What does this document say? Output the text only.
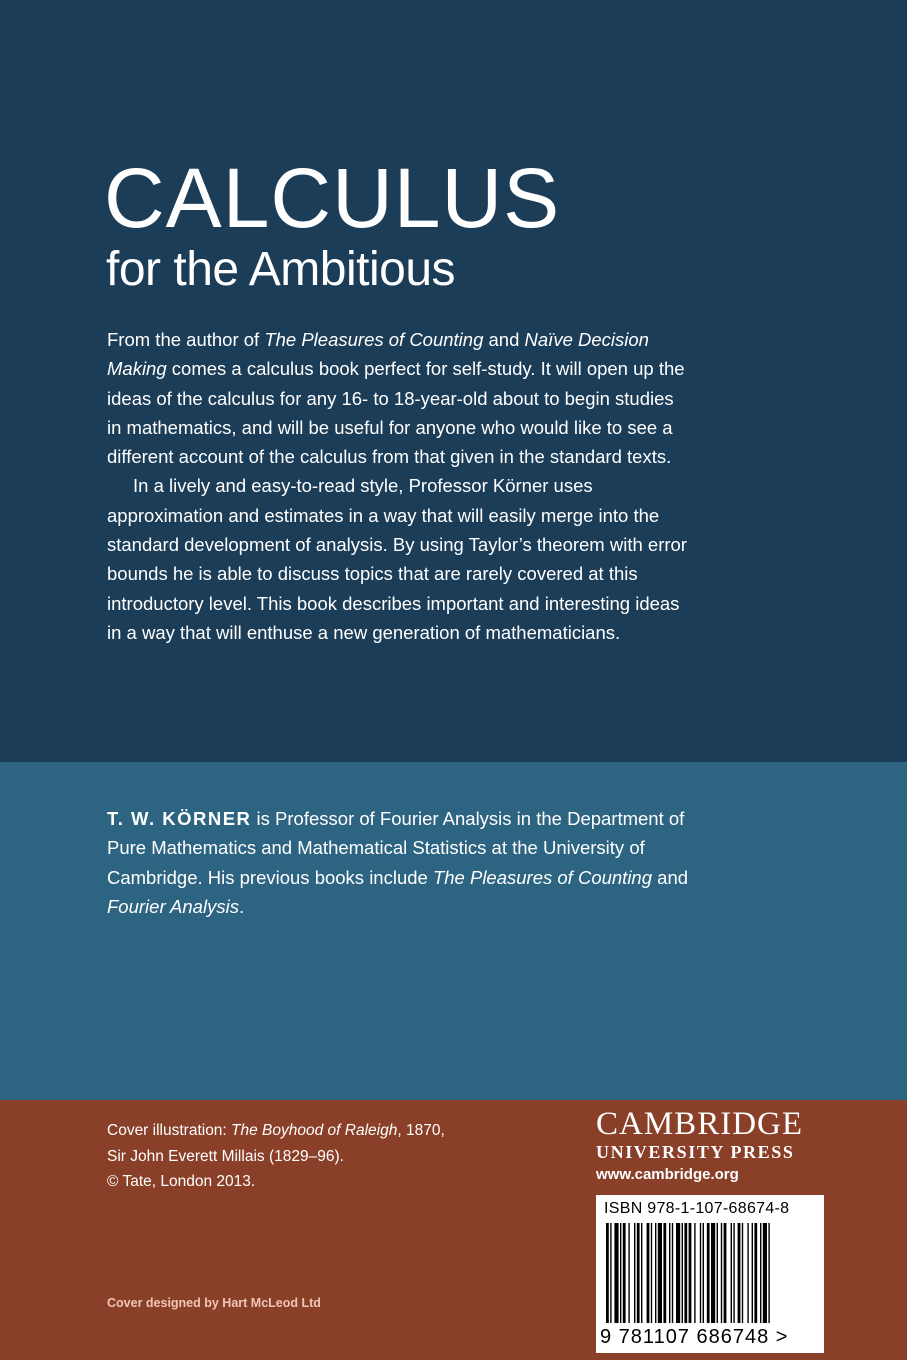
CALCULUS
for the Ambitious

From the author of The Pleasures of Counting and Naïve Decision Making comes a calculus book perfect for self-study. It will open up the ideas of the calculus for any 16- to 18-year-old about to begin studies in mathematics, and will be useful for anyone who would like to see a different account of the calculus from that given in the standard texts.

In a lively and easy-to-read style, Professor Körner uses approximation and estimates in a way that will easily merge into the standard development of analysis. By using Taylor’s theorem with error bounds he is able to discuss topics that are rarely covered at this introductory level. This book describes important and interesting ideas in a way that will enthuse a new generation of mathematicians.

T. W. KÖRNER is Professor of Fourier Analysis in the Department of Pure Mathematics and Mathematical Statistics at the University of Cambridge. His previous books include The Pleasures of Counting and Fourier Analysis.

Cover illustration: The Boyhood of Raleigh, 1870, Sir John Everett Millais (1829–96).

© Tate, London 2013.

Cover designed by Hart McLeod Ltd
CAMBRIDGE
UNIVERSITY PRESS
www.cambridge.org
ISBN 978-1-107-68674-8
9 781107 686748 >
